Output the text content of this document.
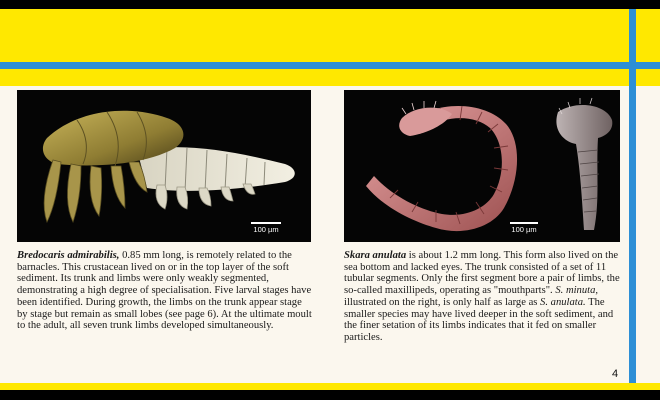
100 µm	100 µm

Bredocaris admirabilis, 0.85 mm long, is remotely related to the barnacles. This crustacean lived on or in the top layer of the soft sediment. Its trunk and limbs were only weakly segmented, demonstrating a high degree of specialisation. Five larval stages have been identified. During growth, the limbs on the trunk appear stage by stage but remain as small lobes (see page 6). At the ultimate moult to the adult, all seven trunk limbs developed simultaneously.

Skara anulata is about 1.2 mm long. This form also lived on the sea bottom and lacked eyes. The trunk consisted of a set of 11 tubular segments. Only the first segment bore a pair of limbs, the so-called maxillipeds, operating as "mouthparts". S. minuta, illustrated on the right, is only half as large as S. anulata. The smaller species may have lived deeper in the soft sediment, and the finer setation of its limbs indicates that it fed on smaller particles.

4
